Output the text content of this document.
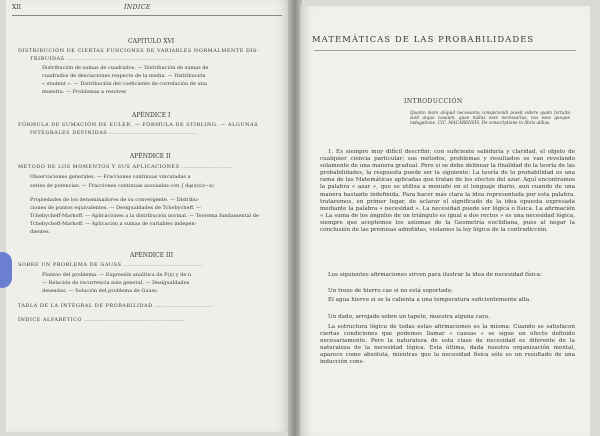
XII	ÍNDICE
CAPITULO XVI
DISTRIBUCIÓN DE CIERTAS FUNCIONES DE VARIABLES NORMALMENTE DIS-
TRIBUÍDAS ...................................................
Distribución de sumas de cuadrados. — Distribución de sumas de
cuadrados de desviaciones respecto de la media. — Distribución
« student ». — Distribución del coeficiente de correlación de una
muestra. — Problemas a resolver.
APÉNDICE I
FÓRMULA DE SUMACIÓN DE EULER. — FÓRMULA DE STIRLING. — ALGUNAS
INTEGRALES DEFINIDAS ..........................................
APÉNDICE II
MÉTODO DE LOS MOMENTOS Y SUS APLICACIONES ........................
Observaciones generales. — Fracciones continuas vinculadas a
series de potencias. — Fracciones continuas asociadas con ∫ dφ(x)/(z−x)
Propiedades de los denominadores de su convergente. — Distribu-
ciones de puntos equivalentes. — Desigualdades de Tchebycheff. —
Tchebycheff-Markoff. — Aplicaciones a la distribución normal. — Teorema fundamental de
Tchebycheff-Markoff. — Aplicación a sumas de variables indepen-
dientes.
APÉNDICE III
SOBRE UN PROBLEMA DE GAUSS ......................................
Planteo del problema. — Expresión analítica de P(x) y de n.
— Relación de recurrencia más general. — Desigualdades
deseadas. — Solución del problema de Gauss.
TABLA DE LA INTEGRAL DE PROBABILIDAD ............................
ÍNDICE ALFABÉTICO ................................................
MATEMÁTICAS DE LAS PROBABILIDADES
INTRODUCCIÓN
Quanto more aliquid necessaria conspiciendi possit videre quam fortuita sunt atque casuum, quae nullus esse necessarius, nos esse quoque indagatione. CIC. MACARENSIS, De conscriptione in libris alibus.
1. Es siempre muy difícil describir, con suficiente sabiduría y claridad, el objeto de cualquier ciencia particular; sus métodos, problemas y resultados se van revelando solamente de una manera gradual. Pero si se debe delinear la finalidad de la teoría de las probabilidades, la respuesta puede ser la siguiente: La teoría de la probabilidad es una rama de las Matemáticas aplicadas que tratan de los efectos del azar. Aquí encontramos la palabra « azar », que se utiliza a menudo en el lenguaje diario, aun cuando de una manera bastante indefinida. Para hacer más clara la idea representada por esta palabra, trataremos, en primer lugar, de aclarar el significado de la idea opuesta expresada mediante la palabra « necesidad ». La necesidad puede ser lógica o física. La afirmación « La suma de los ángulos de un triángulo es igual a dos rectos » es una necesidad lógica, siempre que aceptemos los axiomas de la Geometría euclidiana, pues al negar la conclusión de las premisas admitidas, violamos la ley lógica de la contradicción.
Los siguientes afirmaciones sirven para ilustrar la idea de necesidad física:
Un trozo de hierro cae si no está soportado.
El agua hierve si se la calienta a una temperatura suficientemente alta.
Un dado, arrojado sobre un tapete, muestra alguna cara.
La estructura lógica de todas estas afirmaciones es la misma: Cuando se satisfacen ciertas condiciones que podemos llamar « causas » se sigue un efecto definido necesariamente. Pero la naturaleza de esta clase de necesidad es diferente de la naturaleza de la necesidad lógica. Esta última, dada nuestra organización mental, aparece como absoluta, mientras que la necesidad física sólo es un resultado de una inducción cons-
